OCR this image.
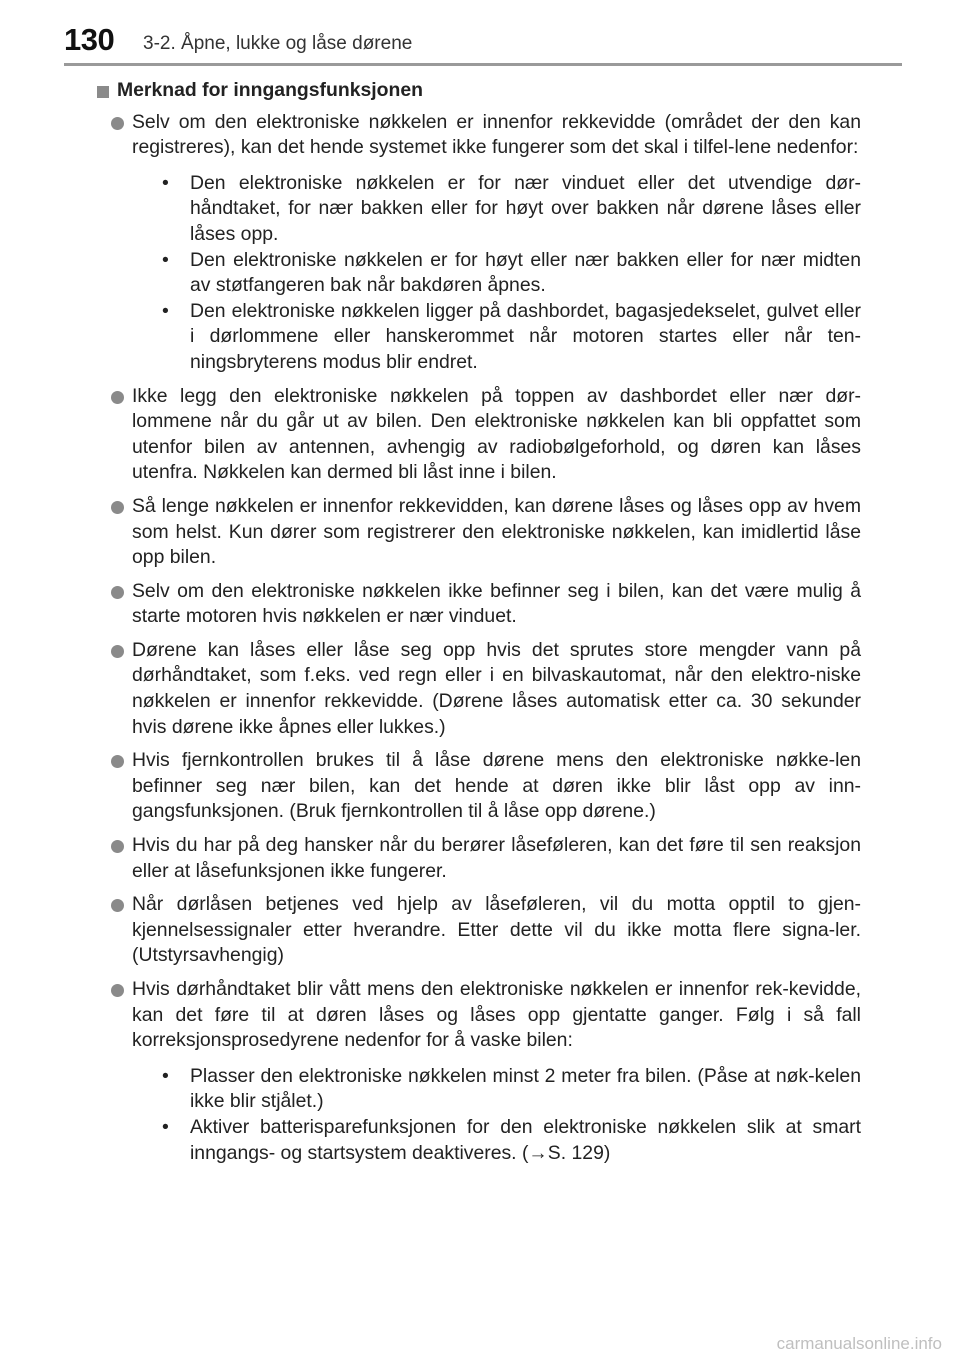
130 3-2. Åpne, lukke og låse dørene
Merknad for inngangsfunksjonen
Selv om den elektroniske nøkkelen er innenfor rekkevidde (området der den kan registreres), kan det hende systemet ikke fungerer som det skal i tilfel-lene nedenfor:
• Den elektroniske nøkkelen er for nær vinduet eller det utvendige dør-håndtaket, for nær bakken eller for høyt over bakken når dørene låses eller låses opp.
• Den elektroniske nøkkelen er for høyt eller nær bakken eller for nær midten av støtfangeren bak når bakdøren åpnes.
• Den elektroniske nøkkelen ligger på dashbordet, bagasjedekselet, gulvet eller i dørlommene eller hanskerommet når motoren startes eller når ten-ningsbryterens modus blir endret.
Ikke legg den elektroniske nøkkelen på toppen av dashbordet eller nær dør-lommene når du går ut av bilen. Den elektroniske nøkkelen kan bli oppfattet som utenfor bilen av antennen, avhengig av radiobølgeforhold, og døren kan låses utenfra. Nøkkelen kan dermed bli låst inne i bilen.
Så lenge nøkkelen er innenfor rekkevidden, kan dørene låses og låses opp av hvem som helst. Kun dører som registrerer den elektroniske nøkkelen, kan imidlertid låse opp bilen.
Selv om den elektroniske nøkkelen ikke befinner seg i bilen, kan det være mulig å starte motoren hvis nøkkelen er nær vinduet.
Dørene kan låses eller låse seg opp hvis det sprutes store mengder vann på dørhåndtaket, som f.eks. ved regn eller i en bilvaskautomat, når den elektro-niske nøkkelen er innenfor rekkevidde. (Dørene låses automatisk etter ca. 30 sekunder hvis dørene ikke åpnes eller lukkes.)
Hvis fjernkontrollen brukes til å låse dørene mens den elektroniske nøkke-len befinner seg nær bilen, kan det hende at døren ikke blir låst opp av inn-gangsfunksjonen. (Bruk fjernkontrollen til å låse opp dørene.)
Hvis du har på deg hansker når du berører låseføleren, kan det føre til sen reaksjon eller at låsefunksjonen ikke fungerer.
Når dørlåsen betjenes ved hjelp av låseføleren, vil du motta opptil to gjen-kjennelsessignaler etter hverandre. Etter dette vil du ikke motta flere signa-ler. (Utstyrsavhengig)
Hvis dørhåndtaket blir vått mens den elektroniske nøkkelen er innenfor rek-kevidde, kan det føre til at døren låses og låses opp gjentatte ganger. Følg i så fall korreksjonsprosedyrene nedenfor for å vaske bilen:
• Plasser den elektroniske nøkkelen minst 2 meter fra bilen. (Påse at nøk-kelen ikke blir stjålet.)
• Aktiver batterisparefunksjonen for den elektroniske nøkkelen slik at smart inngangs- og startsystem deaktiveres. (→S. 129)
carmanualsonline.info
